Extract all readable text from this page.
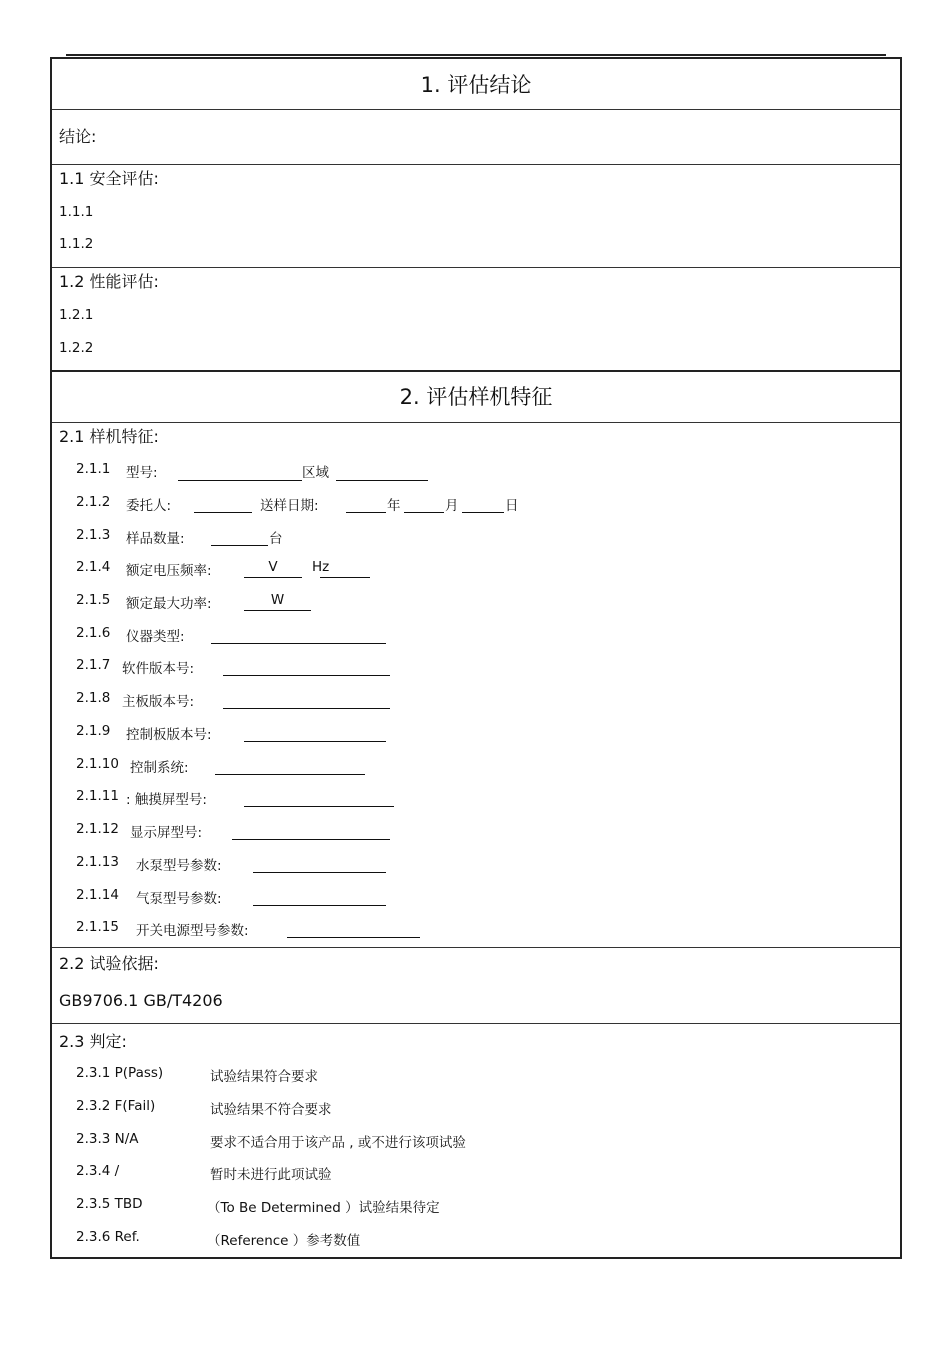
1. 评估结论
结论:
1.1 安全评估:
1.1.1
1.1.2
1.2 性能评估:
1.2.1
1.2.2
2. 评估样机特征
2.1 样机特征:
2.1.1 型号:	区域
2.1.2 委托人:	送样日期:	年	月	日
2.1.3 样品数量:	台
2.1.4 额定电压频率:	V	Hz
2.1.5 额定最大功率:	W
2.1.6 仪器类型:
2.1.7 软件版本号:
2.1.8 主板版本号:
2.1.9 控制板版本号:
2.1.10 控制系统:
2.1.11 : 触摸屏型号:
2.1.12 显示屏型号:
2.1.13 水泵型号参数:
2.1.14 气泵型号参数:
2.1.15 开关电源型号参数:
2.2 试验依据:
GB9706.1 GB/T4206
2.3 判定:
2.3.1 P(Pass)	试验结果符合要求
2.3.2 F(Fail)	试验结果不符合要求
2.3.3 N/A	要求不适合用于该产品 , 或不进行该项试验
2.3.4 /	暂时未进行此项试验
2.3.5 TBD	（To Be Determined ）试验结果待定
2.3.6 Ref.	（Reference ）参考数值
